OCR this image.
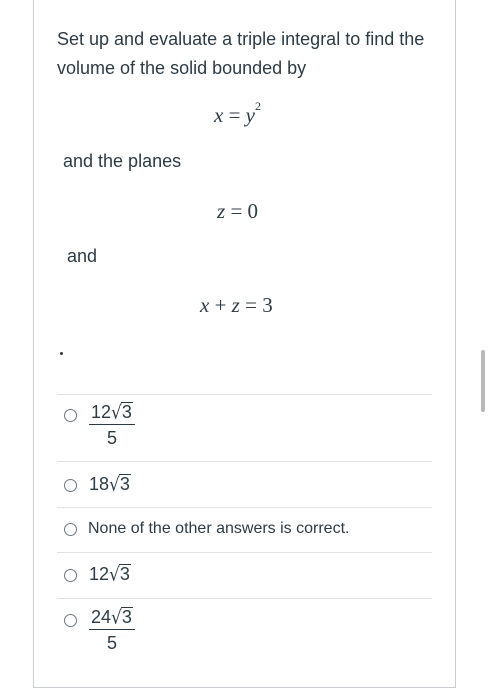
Set up and evaluate a triple integral to find the volume of the solid bounded by
$x = y^2$
and the planes
z = 0
and
x + z = 3
$\frac{12√3}{5}$
18√3
None of the other answers is correct.
12√3
$\frac{24√3}{5}$
